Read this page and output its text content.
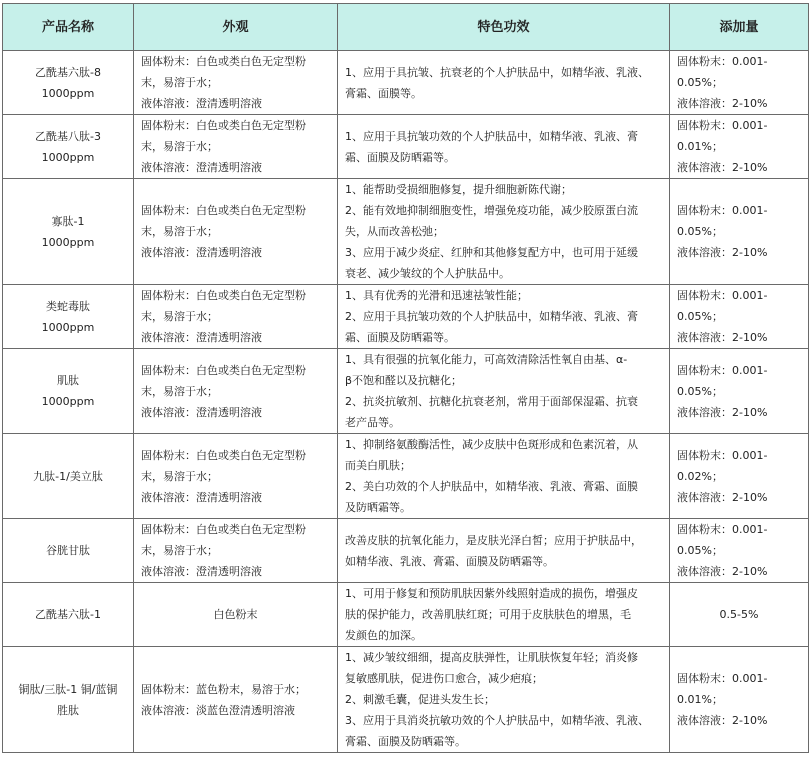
产品名称	外观	特色功效	添加量

乙酰基六肽-8
1000ppm	固体粉末：白色或类白色无定型粉
末，易溶于水；
液体溶液：澄清透明溶液	1、应用于具抗皱、抗衰老的个人护肤品中，如精华液、乳液、
膏霜、面膜等。	固体粉末：0.001-0.05%；
液体溶液：2-10%

乙酰基八肽-3
1000ppm	固体粉末：白色或类白色无定型粉
末，易溶于水；
液体溶液：澄清透明溶液	1、应用于具抗皱功效的个人护肤品中，如精华液、乳液、膏
霜、面膜及防晒霜等。	固体粉末：0.001-0.01%；
液体溶液：2-10%

寡肽-1
1000ppm	固体粉末：白色或类白色无定型粉
末，易溶于水；
液体溶液：澄清透明溶液	1、能帮助受损细胞修复，提升细胞新陈代谢；
2、能有效地抑制细胞变性，增强免疫功能，减少胶原蛋白流
失，从而改善松弛；
3、应用于减少炎症、红肿和其他修复配方中，也可用于延缓
衰老、减少皱纹的个人护肤品中。	固体粉末：0.001-0.05%；
液体溶液：2-10%

类蛇毒肽
1000ppm	固体粉末：白色或类白色无定型粉
末，易溶于水；
液体溶液：澄清透明溶液	1、具有优秀的光滑和迅速祛皱性能；
2、应用于具抗皱功效的个人护肤品中，如精华液、乳液、膏
霜、面膜及防晒霜等。	固体粉末：0.001-0.05%；
液体溶液：2-10%

肌肽
1000ppm	固体粉末：白色或类白色无定型粉
末，易溶于水；
液体溶液：澄清透明溶液	1、具有很强的抗氧化能力，可高效清除活性氧自由基、α-
β不饱和醛以及抗糖化；
2、抗炎抗敏剂、抗糖化抗衰老剂，常用于面部保湿霜、抗衰
老产品等。	固体粉末：0.001-0.05%；
液体溶液：2-10%

九肽-1/美立肽	固体粉末：白色或类白色无定型粉
末，易溶于水；
液体溶液：澄清透明溶液	1、抑制络氨酸酶活性，减少皮肤中色斑形成和色素沉着，从
而美白肌肤；
2、美白功效的个人护肤品中，如精华液、乳液、膏霜、面膜
及防晒霜等。	固体粉末：0.001-0.02%；
液体溶液：2-10%

谷胱甘肽	固体粉末：白色或类白色无定型粉
末，易溶于水；
液体溶液：澄清透明溶液	改善皮肤的抗氧化能力，是皮肤光泽白皙；应用于护肤品中，
如精华液、乳液、膏霜、面膜及防晒霜等。	固体粉末：0.001-0.05%；
液体溶液：2-10%

乙酰基六肽-1	白色粉末	1、可用于修复和预防肌肤因紫外线照射造成的损伤，增强皮
肤的保护能力，改善肌肤红斑；可用于皮肤肤色的增黑，毛
发颜色的加深。	0.5-5%

铜肽/三肽-1 铜/蓝铜
胜肽	固体粉末：蓝色粉末，易溶于水；
液体溶液：淡蓝色澄清透明溶液	1、减少皱纹细细，提高皮肤弹性，让肌肤恢复年轻；消炎修
复敏感肌肤，促进伤口愈合，减少疤痕；
2、刺激毛囊，促进头发生长；
3、应用于具消炎抗敏功效的个人护肤品中，如精华液、乳液、
膏霜、面膜及防晒霜等。	固体粉末：0.001-0.01%；
液体溶液：2-10%
